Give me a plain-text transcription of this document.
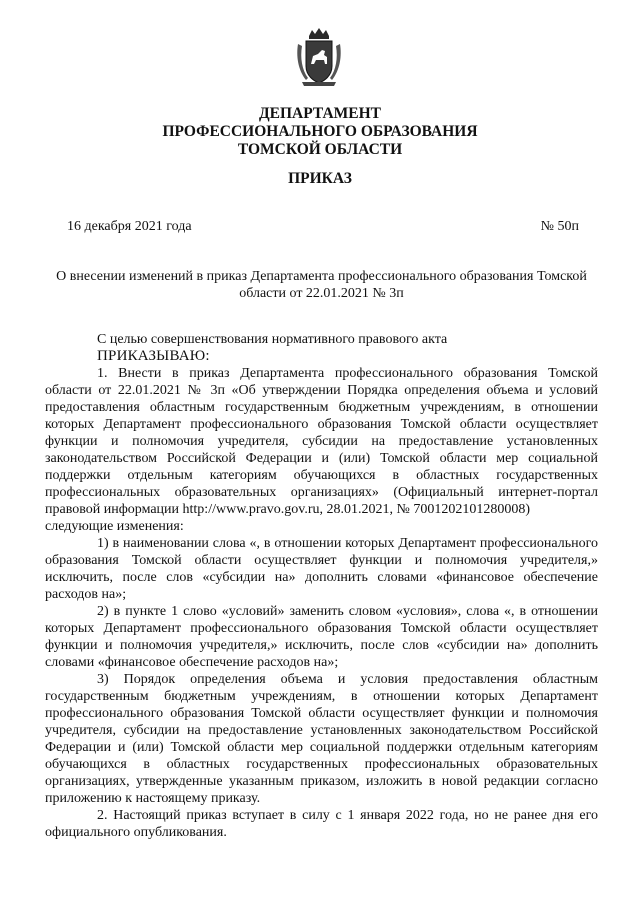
ДЕПАРТАМЕНТ
ПРОФЕССИОНАЛЬНОГО ОБРАЗОВАНИЯ
ТОМСКОЙ ОБЛАСТИ
ПРИКАЗ
16 декабря 2021 года	№ 50п
О внесении изменений в приказ Департамента профессионального образования Томской области от 22.01.2021 № 3п

С целью совершенствования нормативного правового акта

ПРИКАЗЫВАЮ:

1. Внести в приказ Департамента профессионального образования Томской области от 22.01.2021 № 3п «Об утверждении Порядка определения объема и условий предоставления областным государственным бюджетным учреждениям, в отношении которых Департамент профессионального образования Томской области осуществляет функции и полномочия учредителя, субсидии на предоставление установленных законодательством Российской Федерации и (или) Томской области мер социальной поддержки отдельным категориям обучающихся в областных государственных профессиональных образовательных организациях» (Официальный интернет-портал правовой информации http://www.pravo.gov.ru, 28.01.2021, № 7001202101280008)

следующие изменения:

1) в наименовании слова «, в отношении которых Департамент профессионального образования Томской области осуществляет функции и полномочия учредителя,» исключить, после слов «субсидии на» дополнить словами «финансовое обеспечение расходов на»;

2) в пункте 1 слово «условий» заменить словом «условия», слова «, в отношении которых Департамент профессионального образования Томской области осуществляет функции и полномочия учредителя,» исключить, после слов «субсидии на» дополнить словами «финансовое обеспечение расходов на»;

3) Порядок определения объема и условия предоставления областным государственным бюджетным учреждениям, в отношении которых Департамент профессионального образования Томской области осуществляет функции и полномочия учредителя, субсидии на предоставление установленных законодательством Российской Федерации и (или) Томской области мер социальной поддержки отдельным категориям обучающихся в областных государственных профессиональных образовательных организациях, утвержденные указанным приказом, изложить в новой редакции согласно приложению к настоящему приказу.

2. Настоящий приказ вступает в силу с 1 января 2022 года, но не ранее дня его официального опубликования.
